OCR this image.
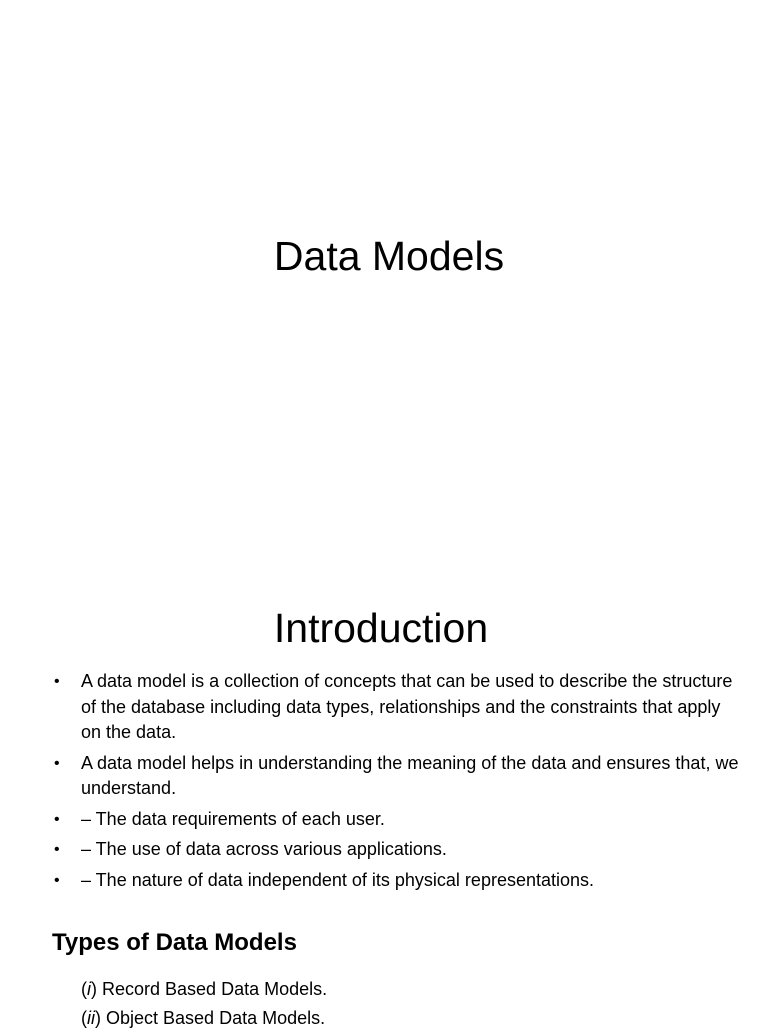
Data Models
Introduction
• A data model is a collection of concepts that can be used to describe the structure of the database including data types, relationships and the constraints that apply on the data.
• A data model helps in understanding the meaning of the data and ensures that, we understand.
• – The data requirements of each user.
• – The use of data across various applications.
• – The nature of data independent of its physical representations.
Types of Data Models
(i) Record Based Data Models.
(ii) Object Based Data Models.
